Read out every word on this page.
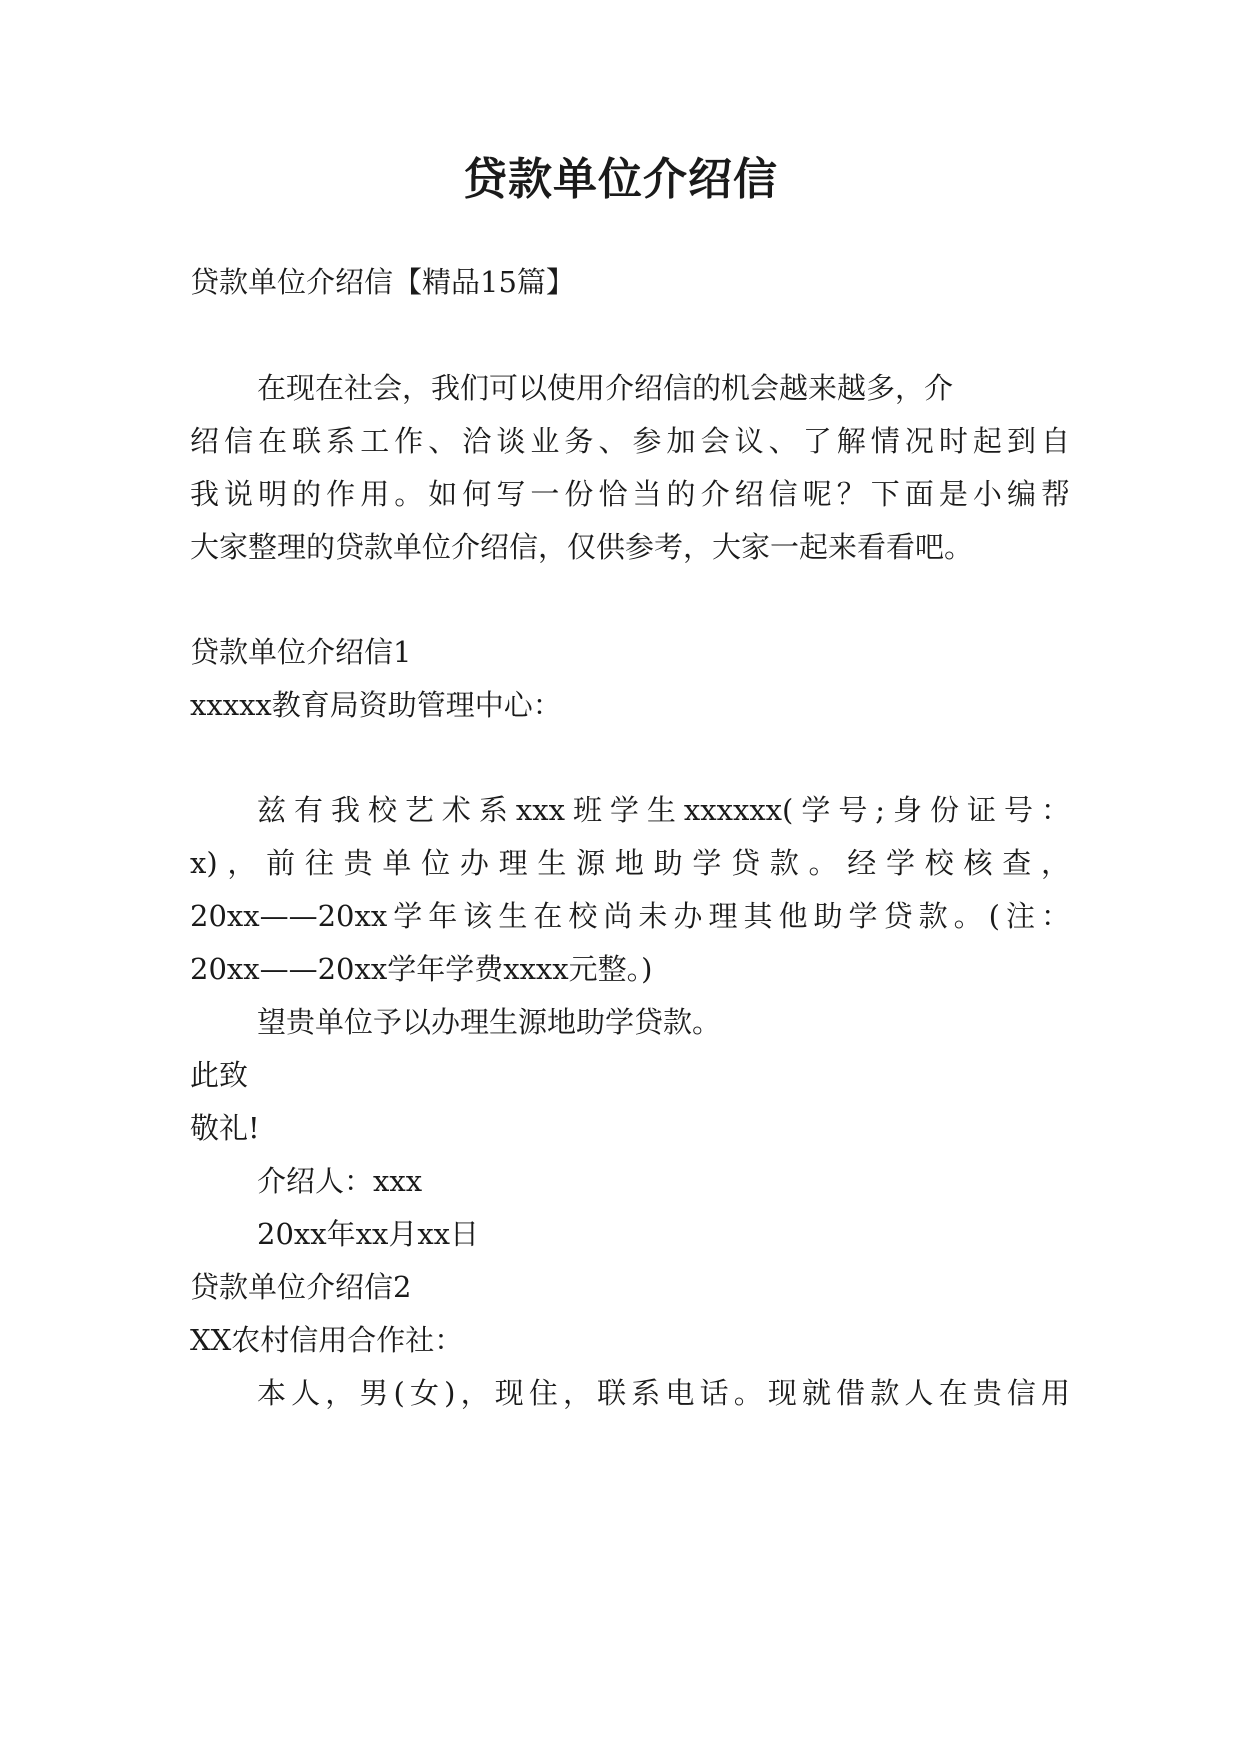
贷款单位介绍信
贷款单位介绍信【精品15篇】
在现在社会，我们可以使用介绍信的机会越来越多，介
绍信在联系工作、洽谈业务、参加会议、了解情况时起到自
我说明的作用。如何写一份恰当的介绍信呢？下面是小编帮
大家整理的贷款单位介绍信，仅供参考，大家一起来看看吧。
贷款单位介绍信1
xxxxx教育局资助管理中心：
兹有我校艺术系xxx班学生xxxxxx(学号;身份证号：
x)，前往贵单位办理生源地助学贷款。经学校核查，
20xx——20xx学年该生在校尚未办理其他助学贷款。(注：
20xx——20xx学年学费xxxx元整。)
望贵单位予以办理生源地助学贷款。
此致
敬礼!
介绍人：xxx
20xx年xx月xx日
贷款单位介绍信2
XX农村信用合作社：
本人，男(女)，现住，联系电话。现就借款人在贵信用
